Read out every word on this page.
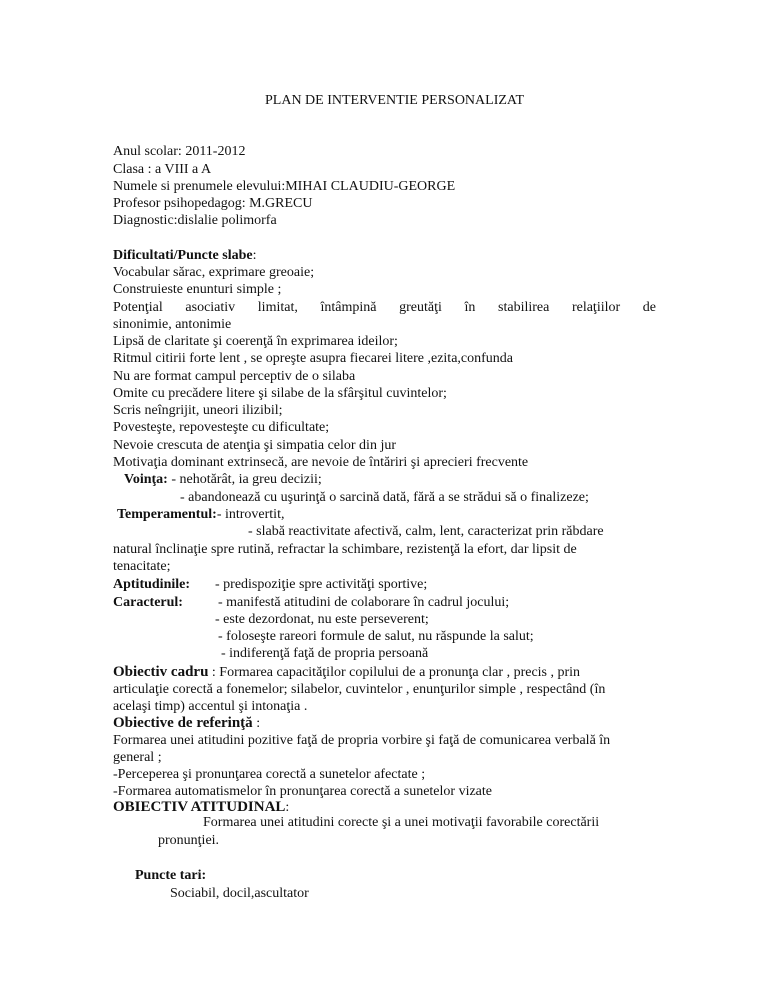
PLAN DE INTERVENTIE PERSONALIZAT
Anul scolar: 2011-2012
Clasa : a VIII a A
Numele si prenumele elevului:MIHAI CLAUDIU-GEORGE
Profesor psihopedagog: M.GRECU
Diagnostic:dislalie polimorfa
Dificultati/Puncte slabe:
Vocabular sărac, exprimare greoaie;
Construieste enunturi simple ;
Potenţial asociativ limitat, întâmpină greutăţi în stabilirea relaţiilor de
sinonimie, antonimie
Lipsă de claritate şi coerenţă în exprimarea ideilor;
Ritmul citirii forte lent , se opreşte asupra fiecarei litere ,ezita,confunda
Nu are format campul perceptiv de o silaba
Omite cu precădere litere şi silabe de la sfârşitul cuvintelor;
Scris neîngrijit, uneori ilizibil;
Povesteşte, repovesteşte cu dificultate;
Nevoie crescuta de atenţia şi simpatia celor din jur
Motivaţia dominant extrinsecă, are nevoie de întăriri şi aprecieri frecvente
Voinţa: - nehotărât, ia greu decizii;
- abandonează cu uşurinţă o sarcină dată, fără a se strădui să o finalizeze;
Temperamentul:- introvertit,
- slabă reactivitate afectivă, calm, lent, caracterizat prin răbdare
natural înclinaţie spre rutină, refractar la schimbare, rezistenţă la efort, dar lipsit de
tenacitate;
Aptitudinile: - predispoziţie spre activităţi sportive;
Caracterul:	- manifestă atitudini de colaborare în cadrul jocului;
- este dezordonat, nu este perseverent;
- foloseşte rareori formule de salut, nu răspunde la salut;
- indiferenţă faţă de propria persoană
Obiectiv cadru : Formarea capacităţilor copilului de a pronunţa clar , precis , prin
articulaţie corectă a fonemelor; silabelor, cuvintelor , enunţurilor simple , respectând (în
acelaşi timp) accentul şi intonaţia .
Obiective de referinţă :
Formarea unei atitudini pozitive faţă de propria vorbire şi faţă de comunicarea verbală în
general ;
-Perceperea şi pronunţarea corectă a sunetelor afectate ;
-Formarea automatismelor în pronunţarea corectă a sunetelor vizate
OBIECTIV ATITUDINAL:
Formarea unei atitudini corecte şi a unei motivaţii favorabile corectării
pronunţiei.
Puncte tari:
Sociabil, docil,ascultator
